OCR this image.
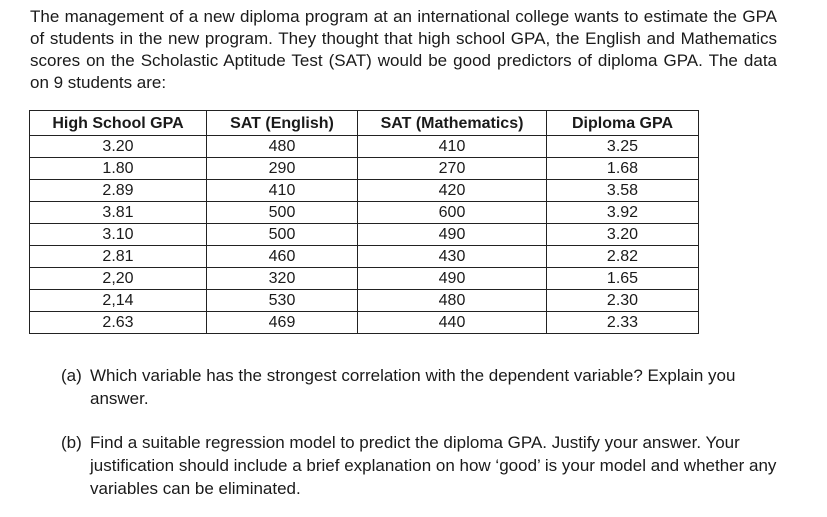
The management of a new diploma program at an international college wants to estimate the GPA of students in the new program. They thought that high school GPA, the English and Mathematics scores on the Scholastic Aptitude Test (SAT) would be good predictors of diploma GPA. The data on 9 students are:

High School GPA	SAT (English)	SAT (Mathematics)	Diploma GPA
3.20	480	410	3.25
1.80	290	270	1.68
2.89	410	420	3.58
3.81	500	600	3.92
3.10	500	490	3.20
2.81	460	430	2.82
2,20	320	490	1.65
2,14	530	480	2.30
2.63	469	440	2.33
(a) Which variable has the strongest correlation with the dependent variable? Explain you answer.
(b) Find a suitable regression model to predict the diploma GPA. Justify your answer. Your justification should include a brief explanation on how ‘good’ is your model and whether any variables can be eliminated.
